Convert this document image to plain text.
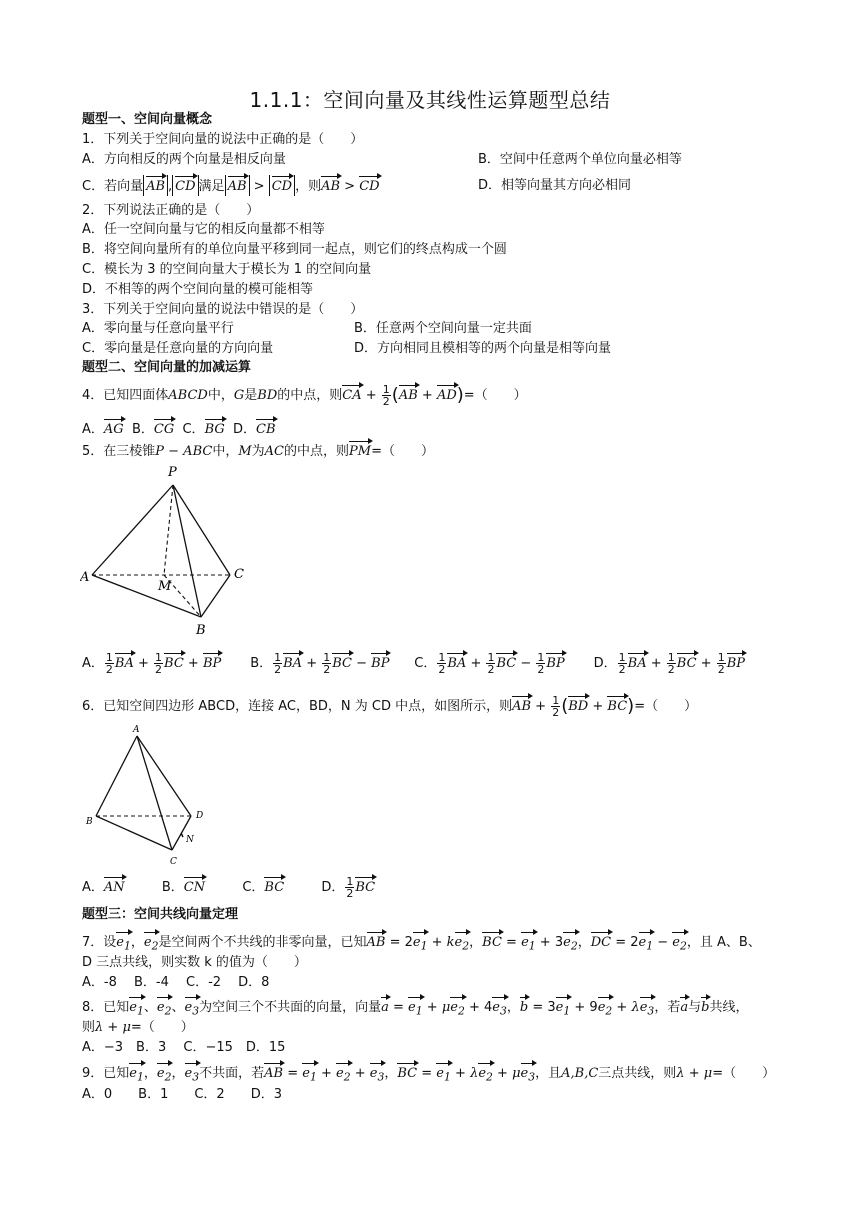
1.1.1：空间向量及其线性运算题型总结
题型一、空间向量概念
1．下列关于空间向量的说法中正确的是（　　）
A．方向相反的两个向量是相反向量	B．空间中任意两个单位向量必相等
C．若向量 AB , CD 满足 AB > CD ，则AB > CD	D．相等向量其方向必相同
2．下列说法正确的是（　　）
A．任一空间向量与它的相反向量都不相等
B．将空间向量所有的单位向量平移到同一起点，则它们的终点构成一个圆
C．模长为 3 的空间向量大于模长为 1 的空间向量
D．不相等的两个空间向量的模可能相等
3．下列关于空间向量的说法中错误的是（　　）
A．零向量与任意向量平行	B．任意两个空间向量一定共面
C．零向量是任意向量的方向向量	D．方向相同且模相等的两个向量是相等向量
题型二、空间向量的加减运算
4．已知四面体ABCD中，G是BD的中点，则CA + $\frac{1}{2} (AB + AD)=$（　　）
A．AG B．CG C．BG D．CB
5．在三棱锥P − ABC中，M为AC的中点，则PM=（　　）
P
A
M
C
B
A． $\frac{1}{2}$ BA + $\frac{1}{2}$ BC + BP B． $\frac{1}{2}$ BA + $\frac{1}{2}$ BC − BP C． $\frac{1}{2}$ BA + $\frac{1}{2}$ BC − $\frac{1}{2}$ BP D． $\frac{1}{2}$ BA + $\frac{1}{2}$ BC + $\frac{1}{2}$ BP
6．已知空间四边形 ABCD，连接 AC，BD，N 为 CD 中点，如图所示，则AB + $\frac{1}{2} (BD + BC)=$（　　）
A
B
D
N
C
A．AN	B．CN	C．BC	D． $\frac{1}{2}$ BC
题型三：空间共线向量定理
7．设$e_1$，$e_2$是空间两个不共线的非零向量，已知AB = $2e_1 + ke_2$，BC = $e_1 + 3e_2$，DC = $2e_1 - e_2$，且 A、B、
D 三点共线，则实数 k 的值为（　　）
A．-8　 B．-4　 C．-2　 D．8
8．已知$e_1$、$e_2$、$e_3$为空间三个不共面的向量，向量$a = e_1 + \mu e_2 + 4e_3$，$b = 3e_1 + 9e_2 + \lambda e_3$，若a与b共线，
则λ + μ=（　　）
A．−3　B．3　 C．−15　D．15
9．已知$e_1$，$e_2$，$e_3$不共面，若AB = $e_1 + e_2 + e_3$，BC = $e_1 + \lambda e_2 + \mu e_3$，且A,B,C三点共线，则λ + μ=（　　）
A．0　　B．1　　C．2　　D．3
